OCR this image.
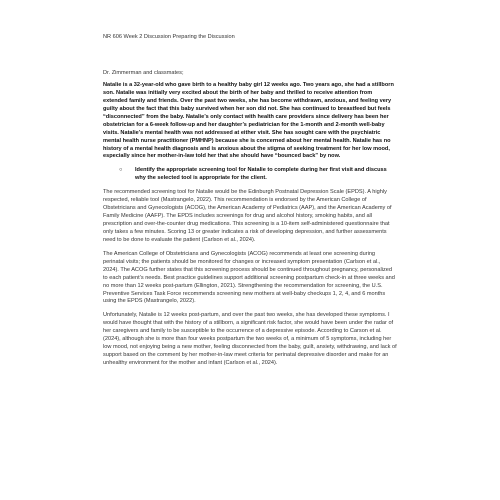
NR 606 Week 2 Discussion Preparing the Discussion
Dr. Zimmerman and classmates;

Natalie is a 32-year-old who gave birth to a healthy baby girl 12 weeks ago. Two years ago, she had a stillborn son. Natalie was initially very excited about the birth of her baby and thrilled to receive attention from extended family and friends. Over the past two weeks, she has become withdrawn, anxious, and feeling very guilty about the fact that this baby survived when her son did not. She has continued to breastfeed but feels “disconnected” from the baby. Natalie’s only contact with health care providers since delivery has been her obstetrician for a 6-week follow-up and her daughter’s pediatrician for the 1-month and 2-month well-baby visits. Natalie’s mental health was not addressed at either visit. She has sought care with the psychiatric mental health nurse practitioner (PMHNP) because she is concerned about her mental health. Natalie has no history of a mental health diagnosis and is anxious about the stigma of seeking treatment for her low mood, especially since her mother-in-law told her that she should have “bounced back” by now.

○	Identify the appropriate screening tool for Natalie to complete during her first visit and discuss why the selected tool is appropriate for the client.

The recommended screening tool for Natalie would be the Edinburgh Postnatal Depression Scale (EPDS). A highly respected, reliable tool (Mastrangelo, 2022). This recommendation is endorsed by the American College of Obstetricians and Gynecologists (ACOG), the American Academy of Pediatrics (AAP), and the American Academy of Family Medicine (AAFP). The EPDS includes screenings for drug and alcohol history, smoking habits, and all prescription and over-the-counter drug medications. This screening is a 10-item self-administered questionnaire that only takes a few minutes. Scoring 13 or greater indicates a risk of developing depression, and further assessments need to be done to evaluate the patient (Carlson et al., 2024).

The American College of Obstetricians and Gynecologists (ACOG) recommends at least one screening during perinatal visits; the patients should be monitored for changes or increased symptom presentation (Carlson et al., 2024). The ACOG further states that this screening process should be continued throughout pregnancy, personalized to each patient’s needs. Best practice guidelines support additional screening postpartum check-in at three weeks and no more than 12 weeks post-partum (Ellington, 2021). Strengthening the recommendation for screening, the U.S. Preventive Services Task Force recommends screening new mothers at well-baby checkups 1, 2, 4, and 6 months using the EPDS (Mastrangelo, 2022).

Unfortunately, Natalie is 12 weeks post-partum, and over the past two weeks, she has developed these symptoms. I would have thought that with the history of a stillborn, a significant risk factor, she would have been under the radar of her caregivers and family to be susceptible to the occurrence of a depressive episode. According to Carson et al. (2024), although she is more than four weeks postpartum the two weeks of, a minimum of 5 symptoms, including her low mood, not enjoying being a new mother, feeling disconnected from the baby, guilt, anxiety, withdrawing, and lack of support based on the comment by her mother-in-law meet criteria for perinatal depressive disorder and make for an unhealthy environment for the mother and infant (Carlson et al., 2024).
